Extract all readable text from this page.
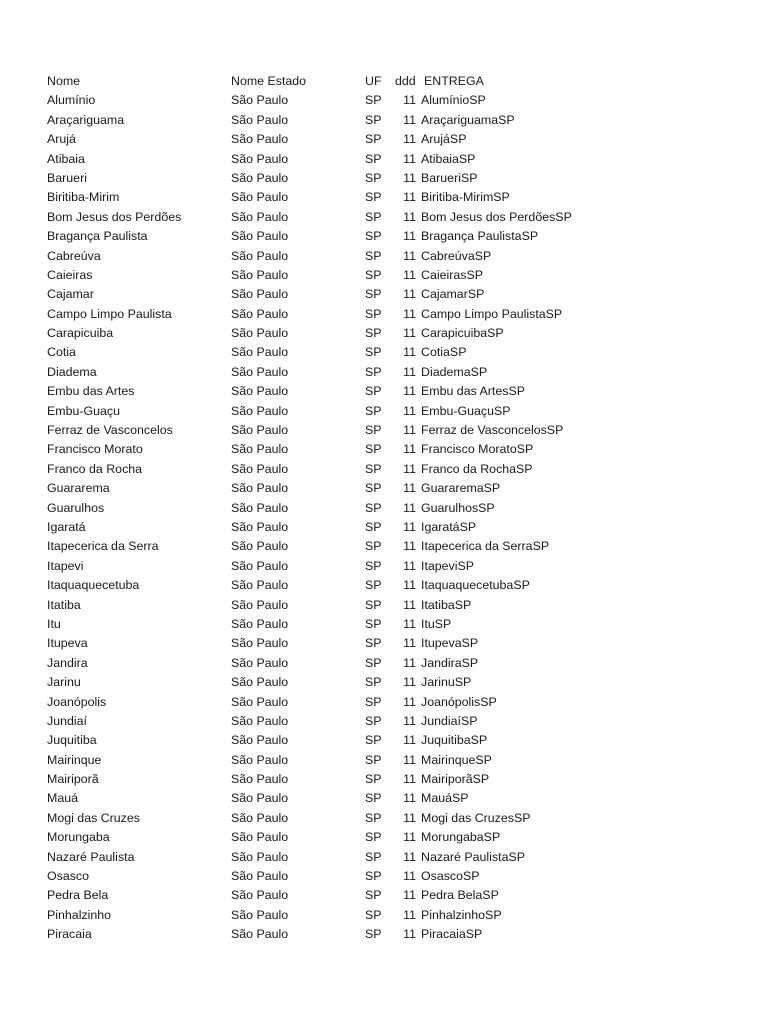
Nome	Nome Estado	UF ddd ENTREGA
Alumínio	São Paulo	SP	11 AlumínioSP
Araçariguama	São Paulo	SP	11 AraçariguamaSP
Arujá	São Paulo	SP	11 ArujáSP
Atibaia	São Paulo	SP	11 AtibaiaSP
Barueri	São Paulo	SP	11 BarueriSP
Biritiba-Mirim	São Paulo	SP	11 Biritiba-MirimSP
Bom Jesus dos Perdões	São Paulo	SP	11 Bom Jesus dos PerdõesSP
Bragança Paulista	São Paulo	SP	11 Bragança PaulistaSP
Cabreúva	São Paulo	SP	11 CabreúvaSP
Caieiras	São Paulo	SP	11 CaieirasSP
Cajamar	São Paulo	SP	11 CajamarSP
Campo Limpo Paulista	São Paulo	SP	11 Campo Limpo PaulistaSP
Carapicuiba	São Paulo	SP	11 CarapicuibaSP
Cotia	São Paulo	SP	11 CotiaSP
Diadema	São Paulo	SP	11 DiademaSP
Embu das Artes	São Paulo	SP	11 Embu das ArtesSP
Embu-Guaçu	São Paulo	SP	11 Embu-GuaçuSP
Ferraz de Vasconcelos	São Paulo	SP	11 Ferraz de VasconcelosSP
Francisco Morato	São Paulo	SP	11 Francisco MoratoSP
Franco da Rocha	São Paulo	SP	11 Franco da RochaSP
Guararema	São Paulo	SP	11 GuararemaSP
Guarulhos	São Paulo	SP	11 GuarulhosSP
Igaratá	São Paulo	SP	11 IgaratáSP
Itapecerica da Serra	São Paulo	SP	11 Itapecerica da SerraSP
Itapevi	São Paulo	SP	11 ItapeviSP
Itaquaquecetuba	São Paulo	SP	11 ItaquaquecetubaSP
Itatiba	São Paulo	SP	11 ItatibaSP
Itu	São Paulo	SP	11 ItuSP
Itupeva	São Paulo	SP	11 ItupevaSP
Jandira	São Paulo	SP	11 JandiraSP
Jarinu	São Paulo	SP	11 JarinuSP
Joanópolis	São Paulo	SP	11 JoanópolisSP
Jundiaí	São Paulo	SP	11 JundiaíSP
Juquitiba	São Paulo	SP	11 JuquitibaSP
Mairinque	São Paulo	SP	11 MairinqueSP
Mairiporã	São Paulo	SP	11 MairiporãSP
Mauá	São Paulo	SP	11 MauáSP
Mogi das Cruzes	São Paulo	SP	11 Mogi das CruzesSP
Morungaba	São Paulo	SP	11 MorungabaSP
Nazaré Paulista	São Paulo	SP	11 Nazaré PaulistaSP
Osasco	São Paulo	SP	11 OsascoSP
Pedra Bela	São Paulo	SP	11 Pedra BelaSP
Pinhalzinho	São Paulo	SP	11 PinhalzinhoSP
Piracaia	São Paulo	SP	11 PiracaiaSP
